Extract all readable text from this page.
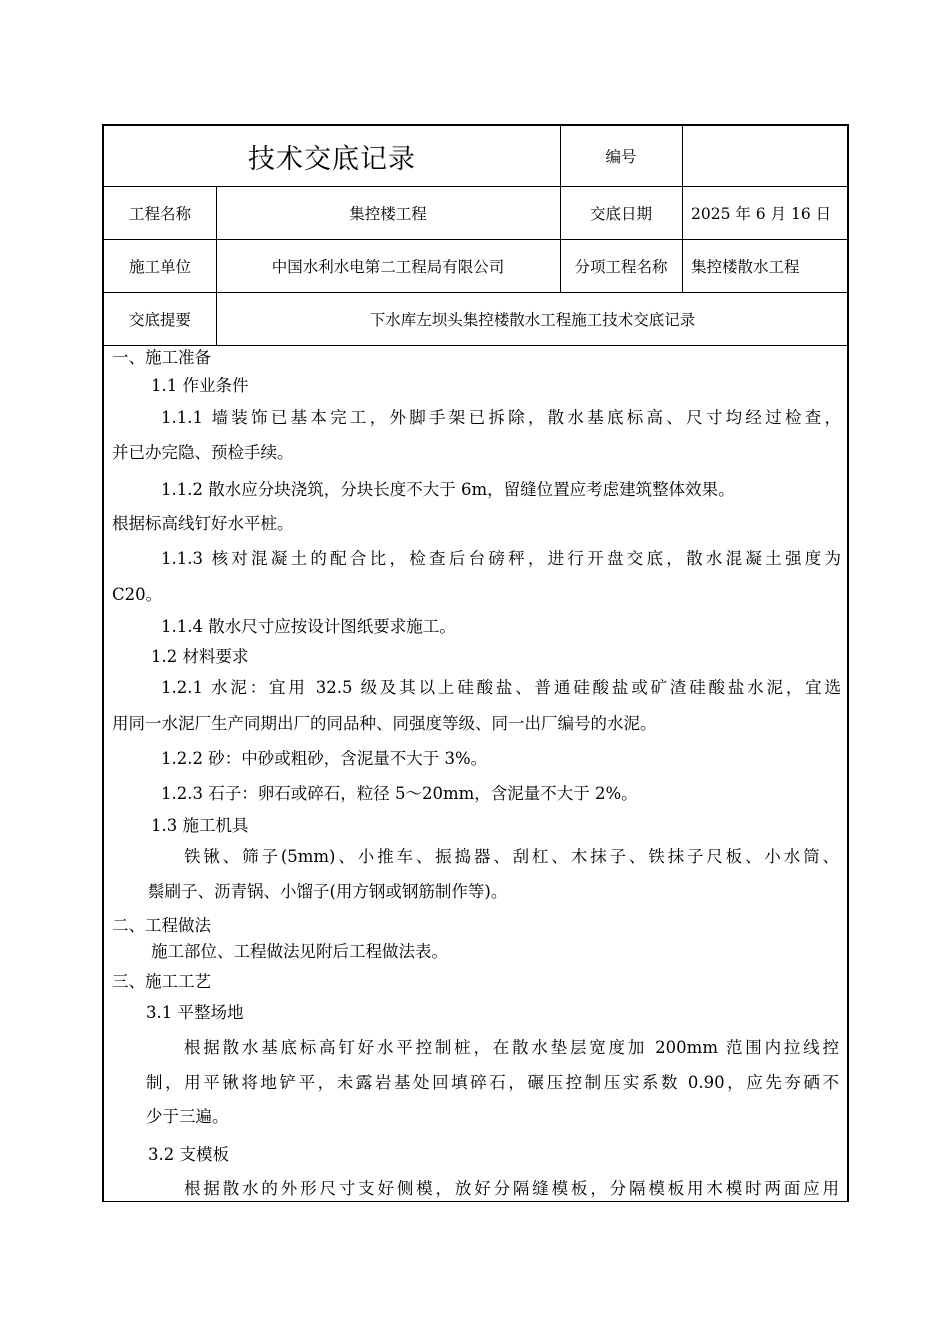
技术交底记录	编号
工程名称	集控楼工程	交底日期	2025 年 6 月 16 日
施工单位	中国水利水电第二工程局有限公司	分项工程名称	集控楼散水工程
交底提要	下水库左坝头集控楼散水工程施工技术交底记录
一、施工准备
1.1 作业条件
1.1.1 墙装饰已基本完工，外脚手架已拆除，散水基底标高、尺寸均经过检查，
并已办完隐、预检手续。
1.1.2 散水应分块浇筑，分块长度不大于 6m，留缝位置应考虑建筑整体效果。
根据标高线钉好水平桩。
1.1.3 核对混凝土的配合比，检查后台磅秤，进行开盘交底，散水混凝土强度为
C20。
1.1.4 散水尺寸应按设计图纸要求施工。
1.2 材料要求
1.2.1 水泥：宜用 32.5 级及其以上硅酸盐、普通硅酸盐或矿渣硅酸盐水泥，宜选
用同一水泥厂生产同期出厂的同品种、同强度等级、同一出厂编号的水泥。
1.2.2 砂：中砂或粗砂，含泥量不大于 3%。
1.2.3 石子：卵石或碎石，粒径 5～20mm，含泥量不大于 2%。
1.3 施工机具
铁锹、筛子(5mm)、小推车、振捣器、刮杠、木抹子、铁抹子尺板、小水筒、
鬃刷子、沥青锅、小馏子(用方钢或钢筋制作等)。
二、工程做法
施工部位、工程做法见附后工程做法表。
三、施工工艺
3.1 平整场地
根据散水基底标高钉好水平控制桩，在散水垫层宽度加 200mm 范围内拉线控
制，用平锹将地铲平，未露岩基处回填碎石，碾压控制压实系数 0.90，应先夯硒不
少于三遍。
3.2 支模板
根据散水的外形尺寸支好侧模，放好分隔缝模板，分隔模板用木模时两面应用
